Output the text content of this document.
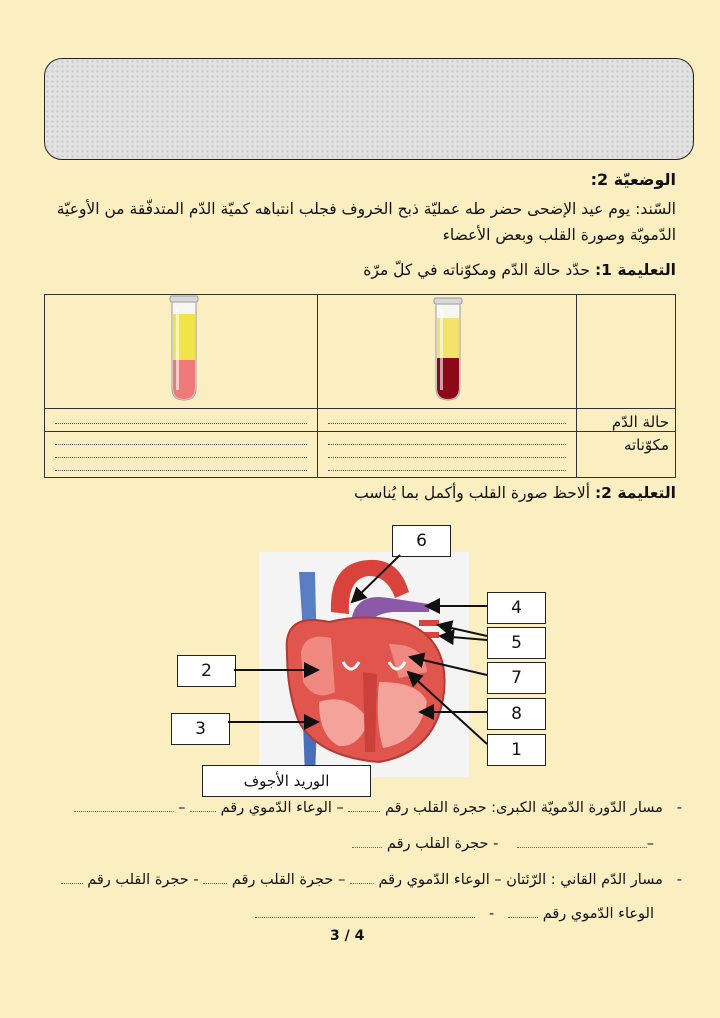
الوضعيّة 2:
السّند: يوم عيد الإضحى حضر طه عمليّة ذبح الخروف فجلب انتباهه كميّة الدّم المتدفّقة من الأوعيّة
الدّمويّة وصورة القلب وبعض الأعضاء
التعليمة 1: حدّد حالة الدّم ومكوّناته في كلّ مرّة

حالة الدّم	

مكوّناته	

التعليمة 2: ألاحظ صورة القلب وأكمل بما يُناسب
6
4
5
7
8
1
2
3
الوريد الأجوف
-   مسار الدّورة الدّمويّة الكبرى: حجرة القلب رقم  – الوعاء الدّموي رقم  –
–    - حجرة القلب رقم
-   مسار الدّم القاني : الرّئتان – الوعاء الدّموي رقم  – حجرة القلب رقم  - حجرة القلب رقم
الوعاء الدّموي رقم    -
3 / 4
